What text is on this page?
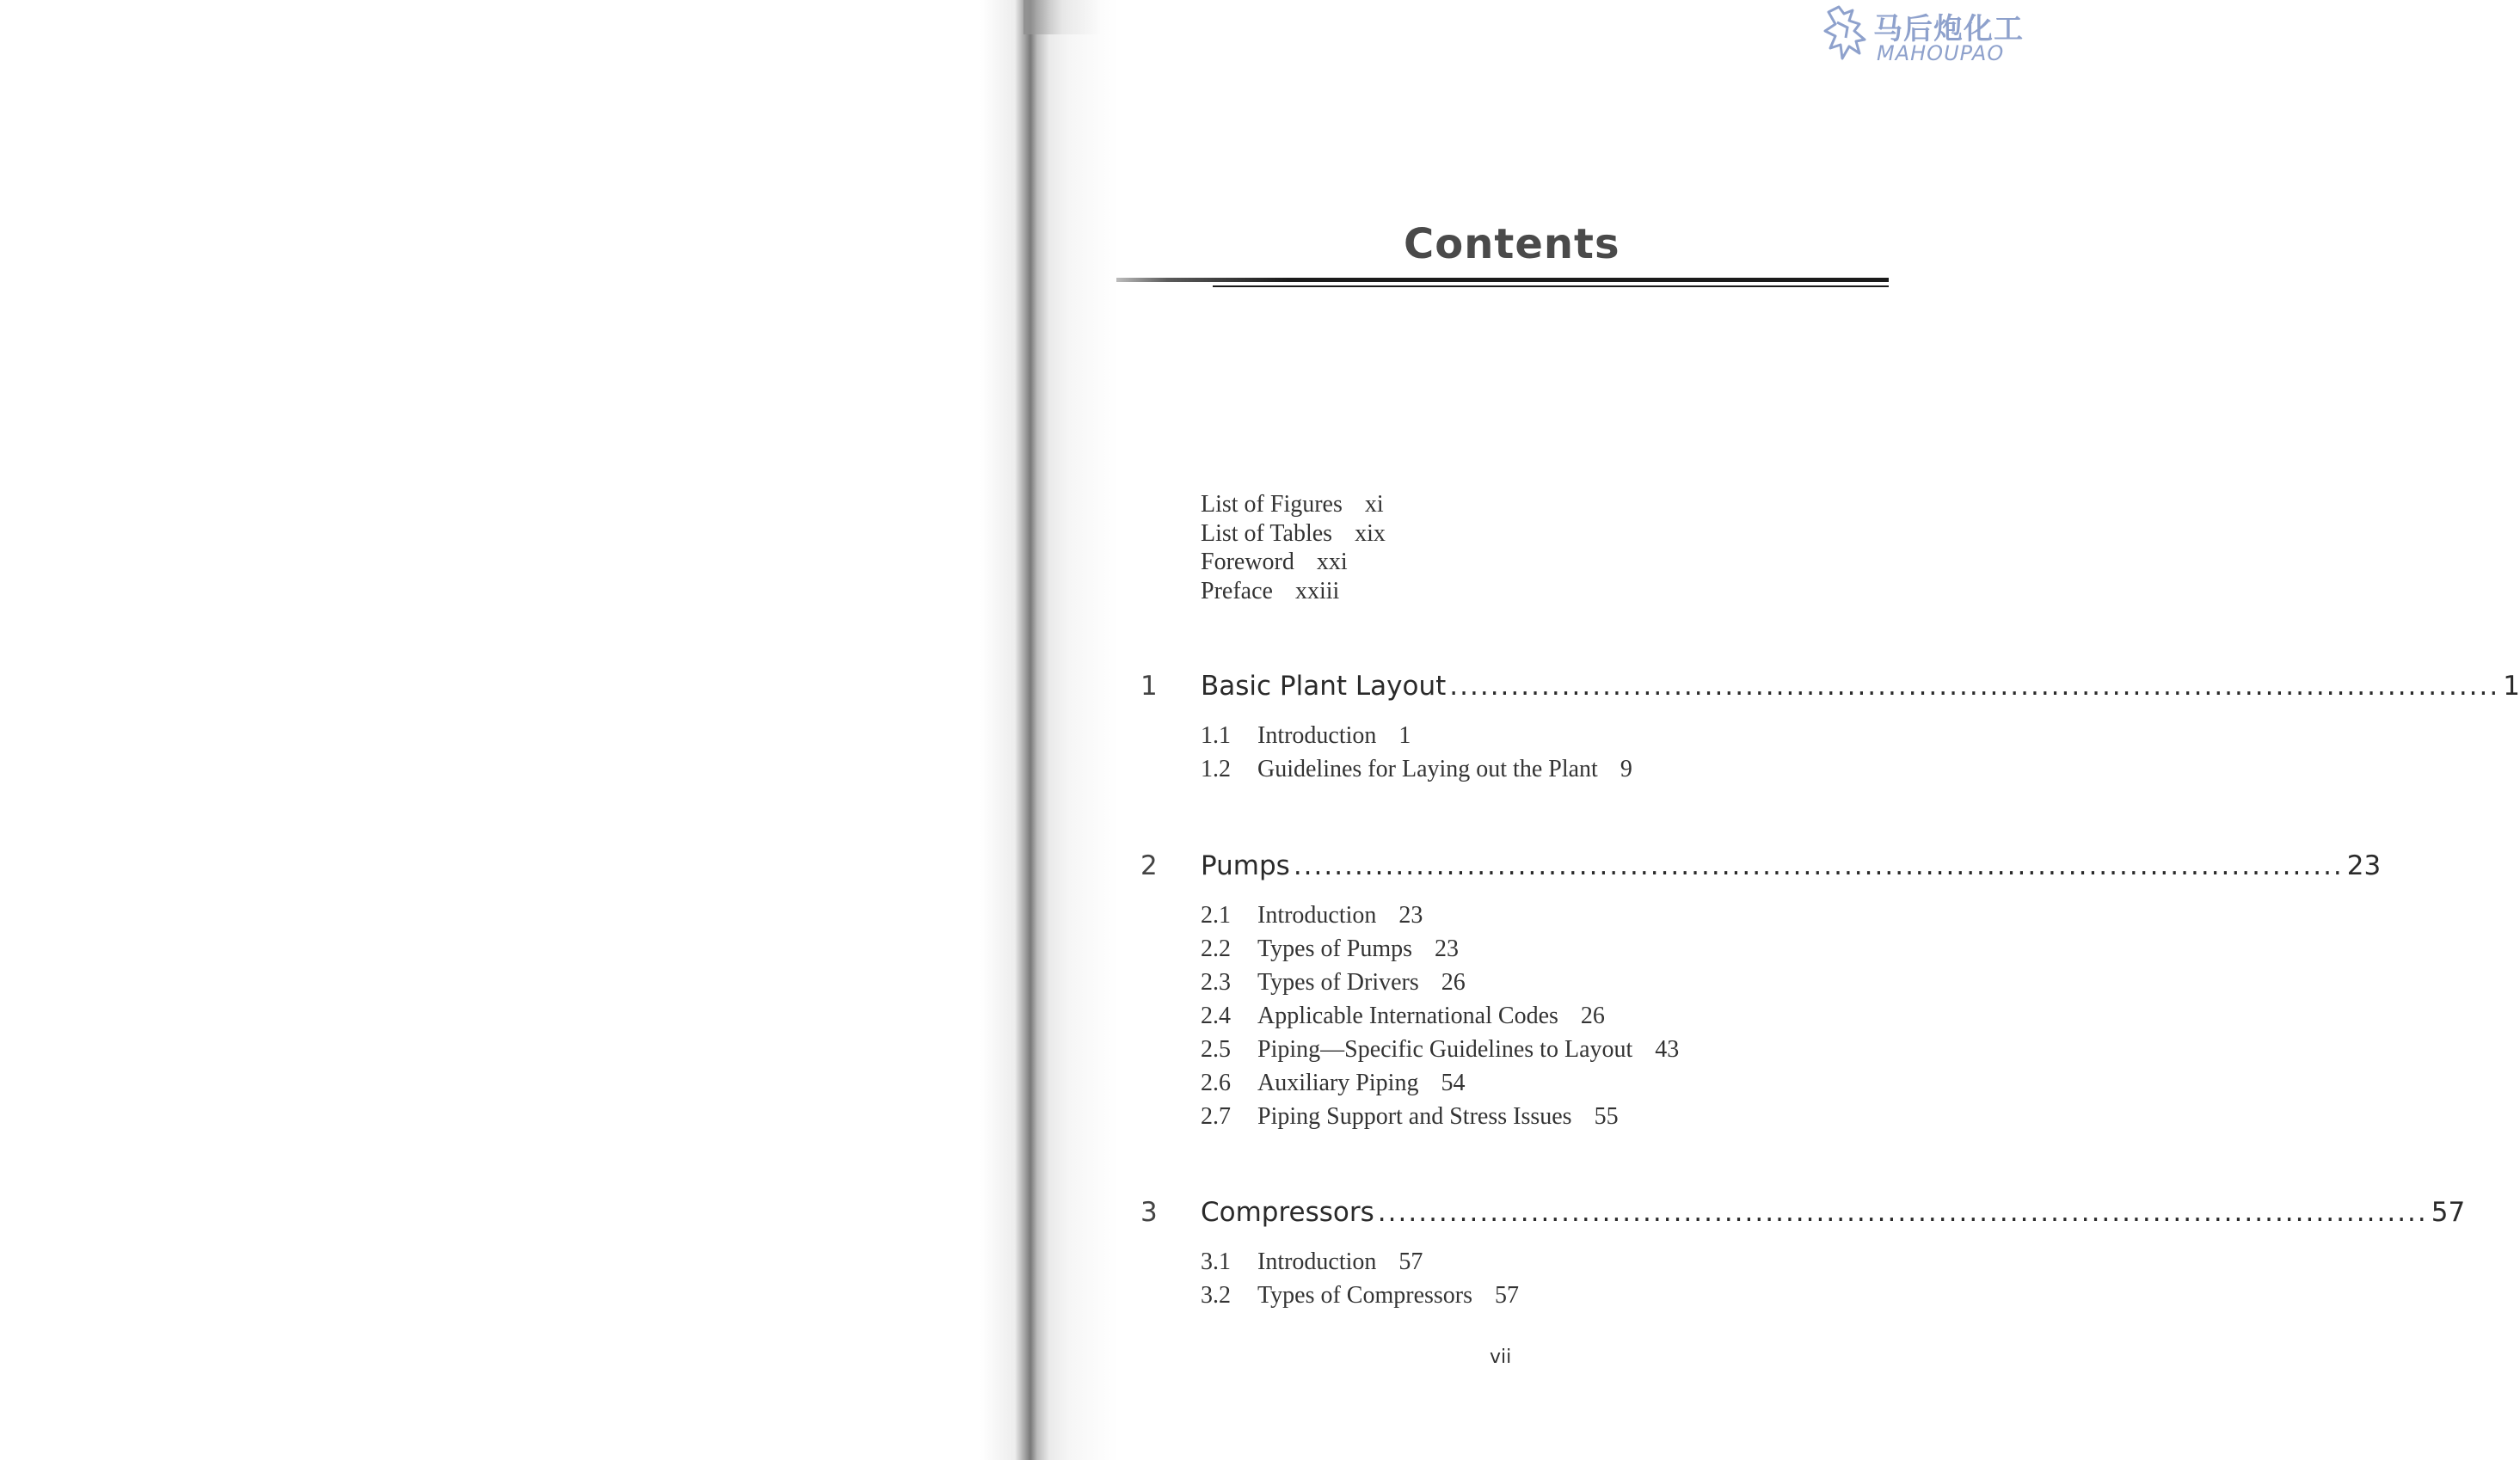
马后炮化工
MAHOUPAO
Contents
List of Figures xi
List of Tables xix
Foreword xxi
Preface xxiii
1	Basic Plant Layout ....................................................................................................... 1
1.1 Introduction 1
1.2 Guidelines for Laying out the Plant 9
2	Pumps ....................................................................................................... 23
2.1 Introduction 23
2.2 Types of Pumps 23
2.3 Types of Drivers 26
2.4 Applicable International Codes 26
2.5 Piping—Specific Guidelines to Layout 43
2.6 Auxiliary Piping 54
2.7 Piping Support and Stress Issues 55
3	Compressors ....................................................................................................... 57
3.1 Introduction 57
3.2 Types of Compressors 57
vii
